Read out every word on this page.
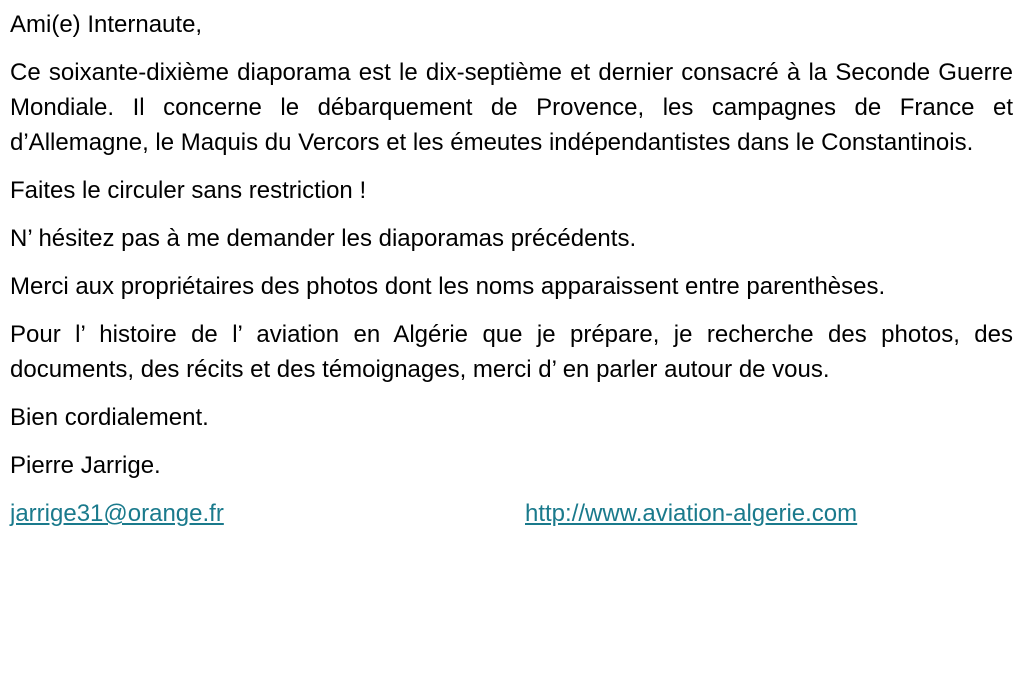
Ami(e) Internaute,

Ce soixante-dixième diaporama est le dix-septième et dernier consacré à la Seconde Guerre Mondiale. Il concerne le débarquement de Provence, les campagnes de France et d’Allemagne, le Maquis du Vercors et les émeutes indépendantistes dans le Constantinois.

Faites le circuler sans restriction !

N’ hésitez pas à me demander les diaporamas précédents.

Merci aux propriétaires des photos dont les noms apparaissent entre parenthèses.

Pour l’ histoire de l’ aviation en Algérie que je prépare, je recherche des photos, des documents, des récits et des témoignages, merci d’ en parler autour de vous.

Bien cordialement.

Pierre Jarrige.

jarrige31@orange.fr	http://www.aviation-algerie.com
